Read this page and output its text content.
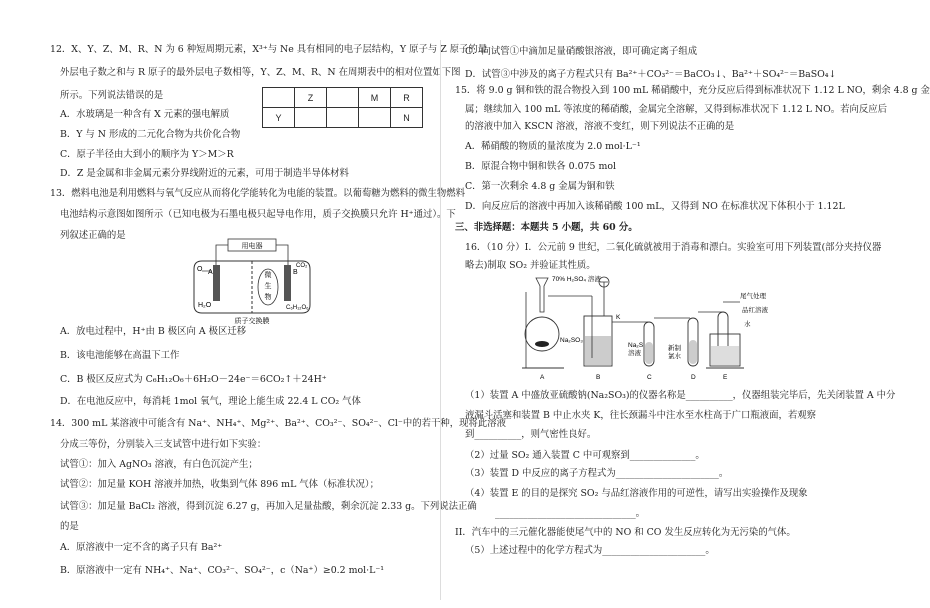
12．X、Y、Z、M、R、N 为 6 种短周期元素，X³⁺与 Ne 具有相同的电子层结构，Y 原子与 Z 原子的最
外层电子数之和与 R 原子的最外层电子数相等，Y、Z、M、R、N 在周期表中的相对位置如下图
所示。下列说法错误的是
A．水玻璃是一种含有 X 元素的强电解质
B．Y 与 N 形成的二元化合物为共价化合物
C．原子半径由大到小的顺序为 Y＞M＞R
D．Z 是金属和非金属元素分界线附近的元素，可用于制造半导体材料
13．燃料电池是利用燃料与氧气反应从而将化学能转化为电能的装置。以葡萄糖为燃料的微生物燃料
电池结构示意图如图所示（已知电极为石墨电极只起导电作用，质子交换膜只允许 H⁺通过）。下
列叙述正确的是
A．放电过程中，H⁺由 B 极区向 A 极区迁移
B．该电池能够在高温下工作
C．B 极区反应式为 C₆H₁₂O₆＋6H₂O－24e⁻＝6CO₂↑＋24H⁺
D．在电池反应中，每消耗 1mol 氧气，理论上能生成 22.4 L CO₂ 气体
14．300 mL 某溶液中可能含有 Na⁺、NH₄⁺、Mg²⁺、Ba²⁺、CO₃²⁻、SO₄²⁻、Cl⁻中的若干种，现将此溶液
分成三等份，分别装入三支试管中进行如下实验：
试管①：加入 AgNO₃ 溶液，有白色沉淀产生；
试管②：加足量 KOH 溶液并加热，收集到气体 896 mL 气体（标准状况）；
试管③：加足量 BaCl₂ 溶液，得到沉淀 6.27 g，再加入足量盐酸，剩余沉淀 2.33 g。下列说法正确
的是
A．原溶液中一定不含的离子只有 Ba²⁺
B．原溶液中一定有 NH₄⁺、Na⁺、CO₃²⁻、SO₄²⁻，c（Na⁺）≥0.2 mol·L⁻¹
	Z		M	R
Y				N
用电器
O A	B
微
生
物
H₂O	C₆H₁₂O₆
CO₂
质子交换膜
C．向试管①中滴加足量硝酸银溶液，即可确定离子组成
D．试管③中涉及的离子方程式只有 Ba²⁺＋CO₃²⁻＝BaCO₃↓、Ba²⁺＋SO₄²⁻＝BaSO₄↓
15．将 9.0 g 铜和铁的混合物投入到 100 mL 稀硝酸中，充分反应后得到标准状况下 1.12 L NO，剩余 4.8 g 金
属；继续加入 100 mL 等浓度的稀硝酸，金属完全溶解，又得到标准状况下 1.12 L NO。若向反应后
的溶液中加入 KSCN 溶液，溶液不变红，则下列说法不正确的是
A．稀硝酸的物质的量浓度为 2.0 mol·L⁻¹
B．原混合物中铜和铁各 0.075 mol
C．第一次剩余 4.8 g 金属为铜和铁
D．向反应后的溶液中再加入该稀硝酸 100 mL，又得到 NO 在标准状况下体积小于 1.12L
三、非选择题：本题共 5 小题，共 60 分。
16．（10 分）I．公元前 9 世纪，二氧化硫就被用于消毒和漂白。实验室可用下列装置(部分夹持仪器
略去)制取 SO₂ 并验证其性质。
（1）装置 A 中盛放亚硫酸钠(Na₂SO₃)的仪器名称是__________，仪器组装完毕后，先关闭装置 A 中分
液漏斗活塞和装置 B 中止水夹 K，往长颈漏斗中注水至水柱高于广口瓶液面，若观察
到__________，则气密性良好。
（2）过量 SO₂ 通入装置 C 中可观察到______________。
（3）装置 D 中反应的离子方程式为______________________。
（4）装置 E 的目的是探究 SO₂ 与品红溶液作用的可逆性，请写出实验操作及现象
______________________________。
II．汽车中的三元催化器能使尾气中的 NO 和 CO 发生反应转化为无污染的气体。
（5）上述过程中的化学方程式为______________________。
70% H₂SO₄ 溶液
Na₂SO₃
K
Na₂S
溶液
新制
氯水
尾气处理
品红溶液
水
A	B	C	D	E
